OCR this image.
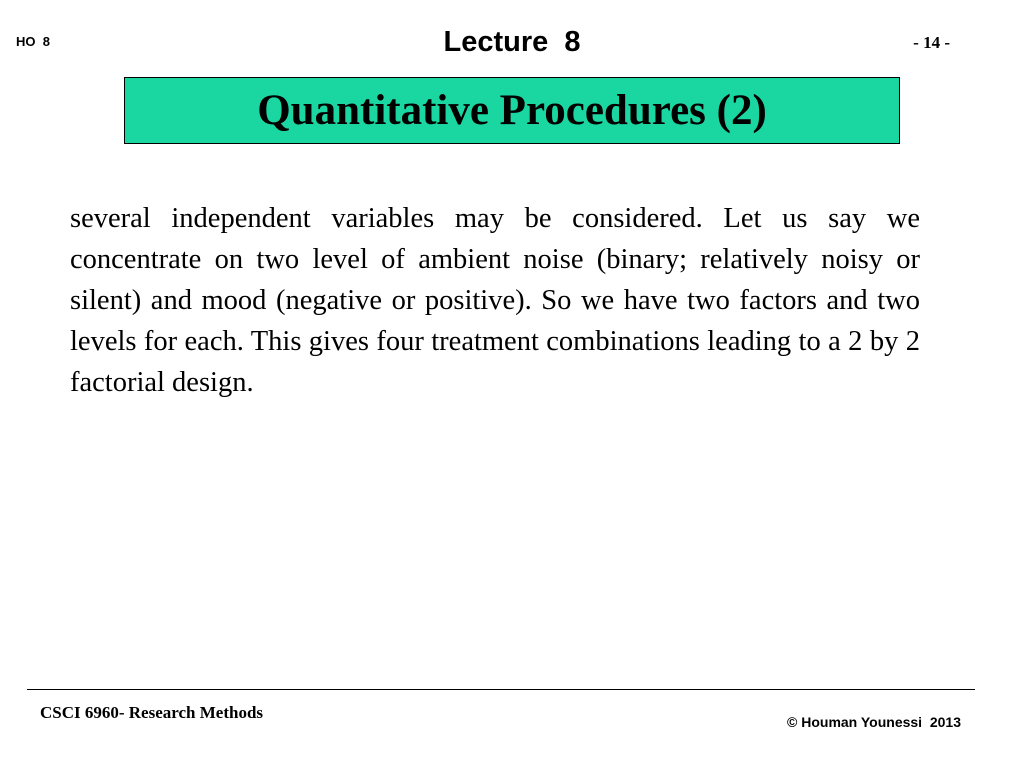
HO  8	Lecture  8	- 14 -
Quantitative Procedures (2)

several independent variables may be considered. Let us say we concentrate on two level of ambient noise (binary; relatively noisy or silent) and mood (negative or positive). So we have two factors and two levels for each. This gives four treatment combinations leading to a 2 by 2 factorial design.

CSCI 6960- Research Methods	© Houman Younessi  2013
